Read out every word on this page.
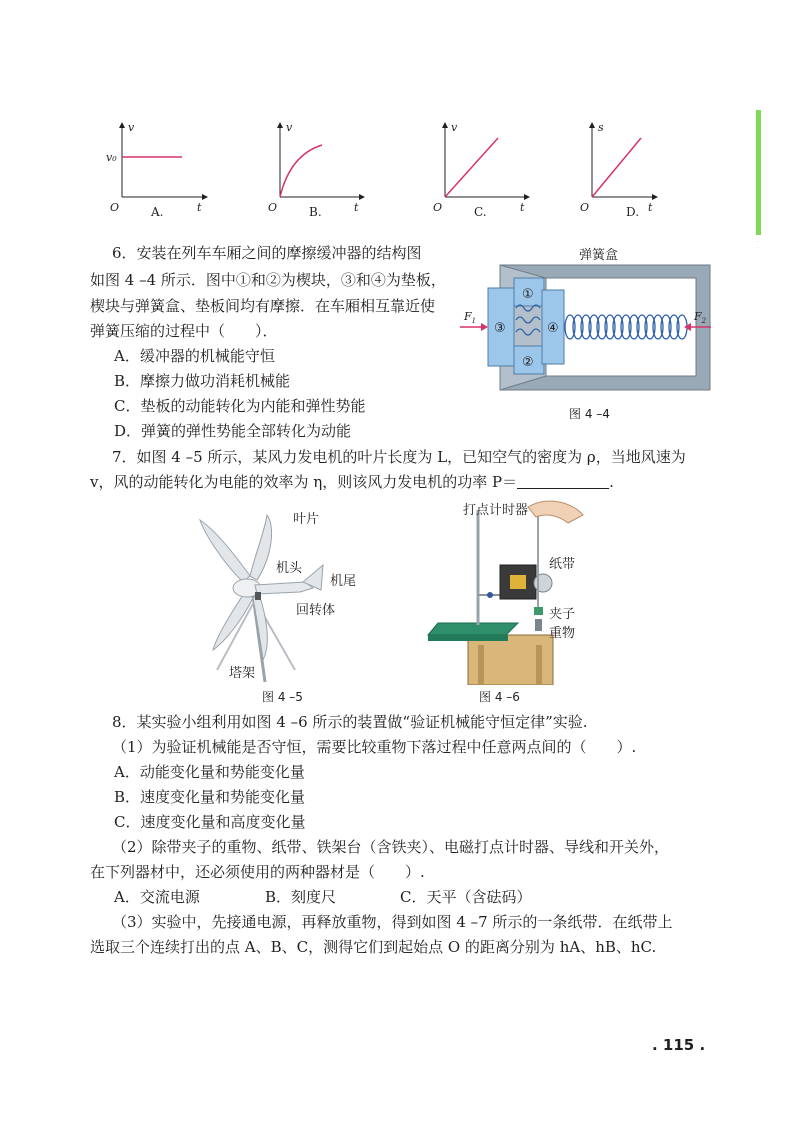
· ·
v
t
O
v₀
v
t
O
v
t
O
s
t
O
A.	B.	C.	D.
6．安装在列车车厢之间的摩擦缓冲器的结构图
如图 4 –4 所示．图中①和②为楔块，③和④为垫板，
楔块与弹簧盒、垫板间均有摩擦．在车厢相互靠近使
弹簧压缩的过程中（　　）．
A．缓冲器的机械能守恒
B．摩擦力做功消耗机械能
C．垫板的动能转化为内能和弹性势能
D．弹簧的弹性势能全部转化为动能
弹簧盒
③
①
②
④
$F_1$	$F_2$
图 4 –4
7．如图 4 –5 所示，某风力发电机的叶片长度为 L，已知空气的密度为 ρ，当地风速为
v，风的动能转化为电能的效率为 η，则该风力发电机的功率 P＝	.
叶片
机头
机尾
回转体
塔架
图 4 –5
打点计时器
纸带
夹子
重物
图 4 –6
8．某实验小组利用如图 4 –6 所示的装置做“验证机械能守恒定律”实验.
（1）为验证机械能是否守恒，需要比较重物下落过程中任意两点间的（　　）.
A．动能变化量和势能变化量
B．速度变化量和势能变化量
C．速度变化量和高度变化量
（2）除带夹子的重物、纸带、铁架台（含铁夹）、电磁打点计时器、导线和开关外，
在下列器材中，还必须使用的两种器材是（　　）.
A．交流电源	B．刻度尺	C．天平（含砝码）
（3）实验中，先接通电源，再释放重物，得到如图 4 –7 所示的一条纸带．在纸带上
选取三个连续打出的点 A、B、C，测得它们到起始点 O 的距离分别为 hA、hB、hC.
. 115 .
